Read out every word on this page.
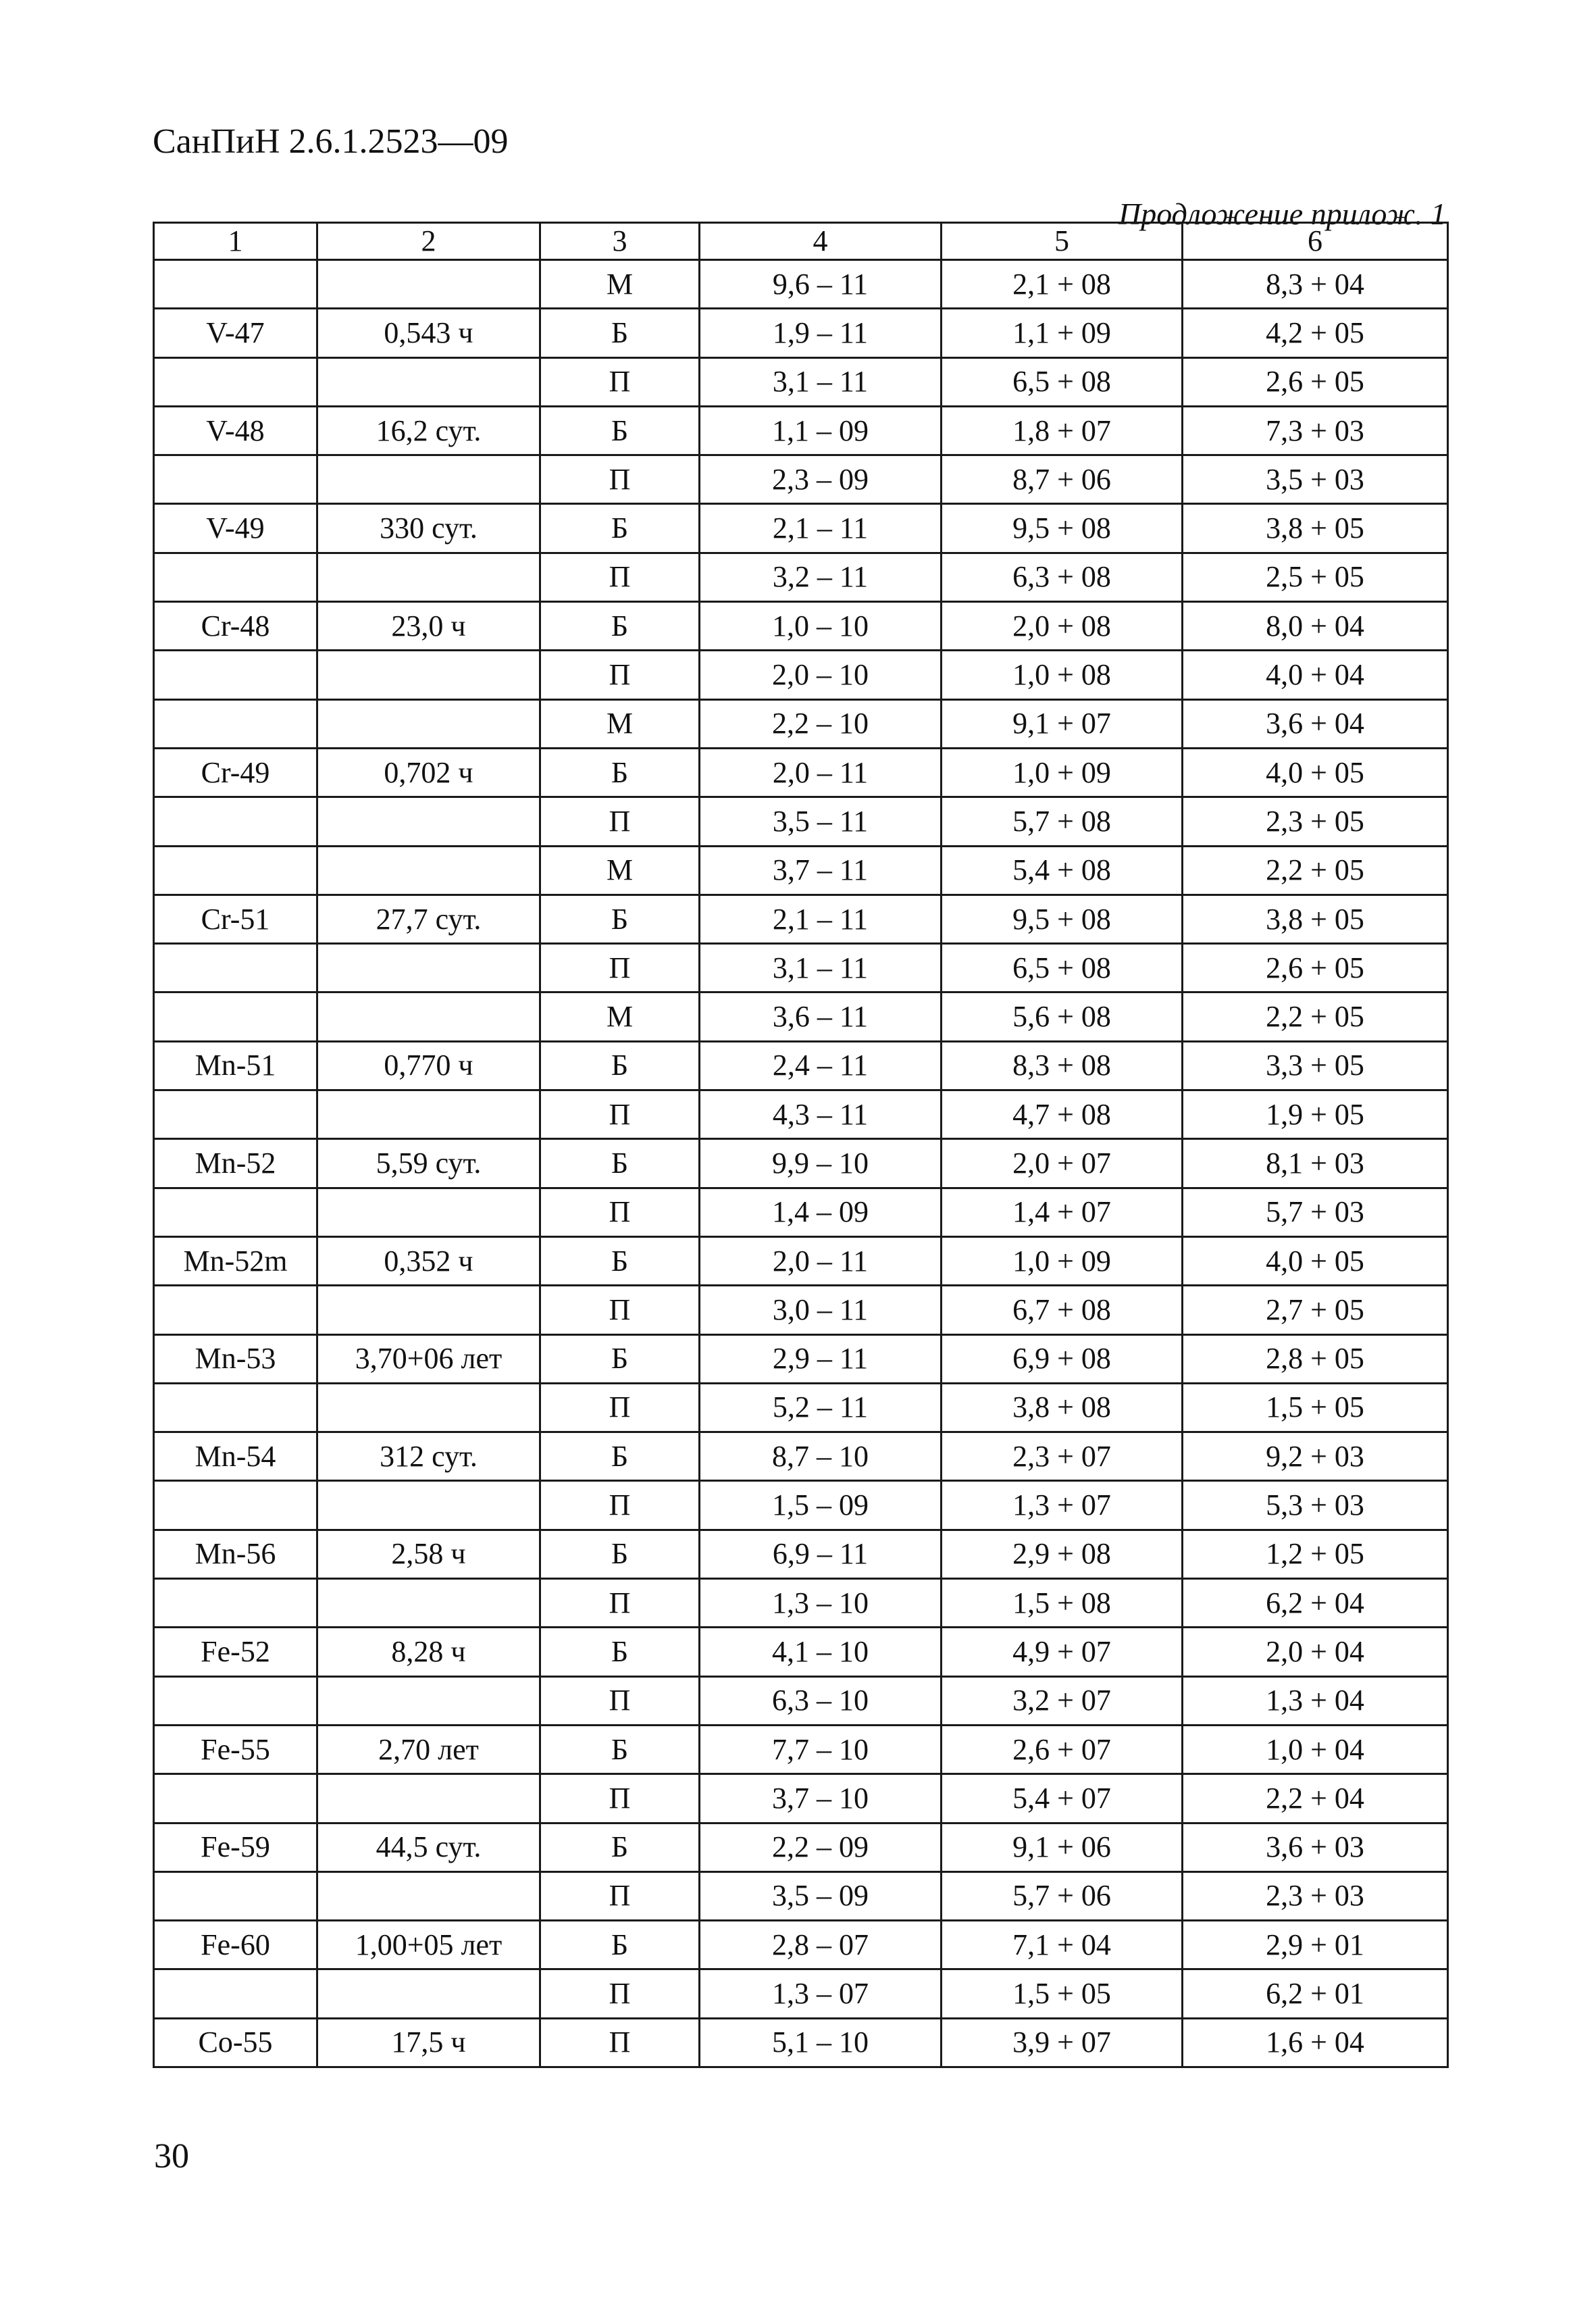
СанПиН 2.6.1.2523—09
Продложение прилож. 1
1	2	3	4	5	6
		М	9,6 – 11	2,1 + 08	8,3 + 04
V-47	0,543 ч	Б	1,9 – 11	1,1 + 09	4,2 + 05
		П	3,1 – 11	6,5 + 08	2,6 + 05
V-48	16,2 сут.	Б	1,1 – 09	1,8 + 07	7,3 + 03
		П	2,3 – 09	8,7 + 06	3,5 + 03
V-49	330 сут.	Б	2,1 – 11	9,5 + 08	3,8 + 05
		П	3,2 – 11	6,3 + 08	2,5 + 05
Cr-48	23,0 ч	Б	1,0 – 10	2,0 + 08	8,0 + 04
		П	2,0 – 10	1,0 + 08	4,0 + 04
		М	2,2 – 10	9,1 + 07	3,6 + 04
Cr-49	0,702 ч	Б	2,0 – 11	1,0 + 09	4,0 + 05
		П	3,5 – 11	5,7 + 08	2,3 + 05
		М	3,7 – 11	5,4 + 08	2,2 + 05
Cr-51	27,7 сут.	Б	2,1 – 11	9,5 + 08	3,8 + 05
		П	3,1 – 11	6,5 + 08	2,6 + 05
		М	3,6 – 11	5,6 + 08	2,2 + 05
Mn-51	0,770 ч	Б	2,4 – 11	8,3 + 08	3,3 + 05
		П	4,3 – 11	4,7 + 08	1,9 + 05
Mn-52	5,59 сут.	Б	9,9 – 10	2,0 + 07	8,1 + 03
		П	1,4 – 09	1,4 + 07	5,7 + 03
Mn-52m	0,352 ч	Б	2,0 – 11	1,0 + 09	4,0 + 05
		П	3,0 – 11	6,7 + 08	2,7 + 05
Mn-53	3,70+06 лет	Б	2,9 – 11	6,9 + 08	2,8 + 05
		П	5,2 – 11	3,8 + 08	1,5 + 05
Mn-54	312 сут.	Б	8,7 – 10	2,3 + 07	9,2 + 03
		П	1,5 – 09	1,3 + 07	5,3 + 03
Mn-56	2,58 ч	Б	6,9 – 11	2,9 + 08	1,2 + 05
		П	1,3 – 10	1,5 + 08	6,2 + 04
Fe-52	8,28 ч	Б	4,1 – 10	4,9 + 07	2,0 + 04
		П	6,3 – 10	3,2 + 07	1,3 + 04
Fe-55	2,70 лет	Б	7,7 – 10	2,6 + 07	1,0 + 04
		П	3,7 – 10	5,4 + 07	2,2 + 04
Fe-59	44,5 сут.	Б	2,2 – 09	9,1 + 06	3,6 + 03
		П	3,5 – 09	5,7 + 06	2,3 + 03
Fe-60	1,00+05 лет	Б	2,8 – 07	7,1 + 04	2,9 + 01
		П	1,3 – 07	1,5 + 05	6,2 + 01
Co-55	17,5 ч	П	5,1 – 10	3,9 + 07	1,6 + 04
30
